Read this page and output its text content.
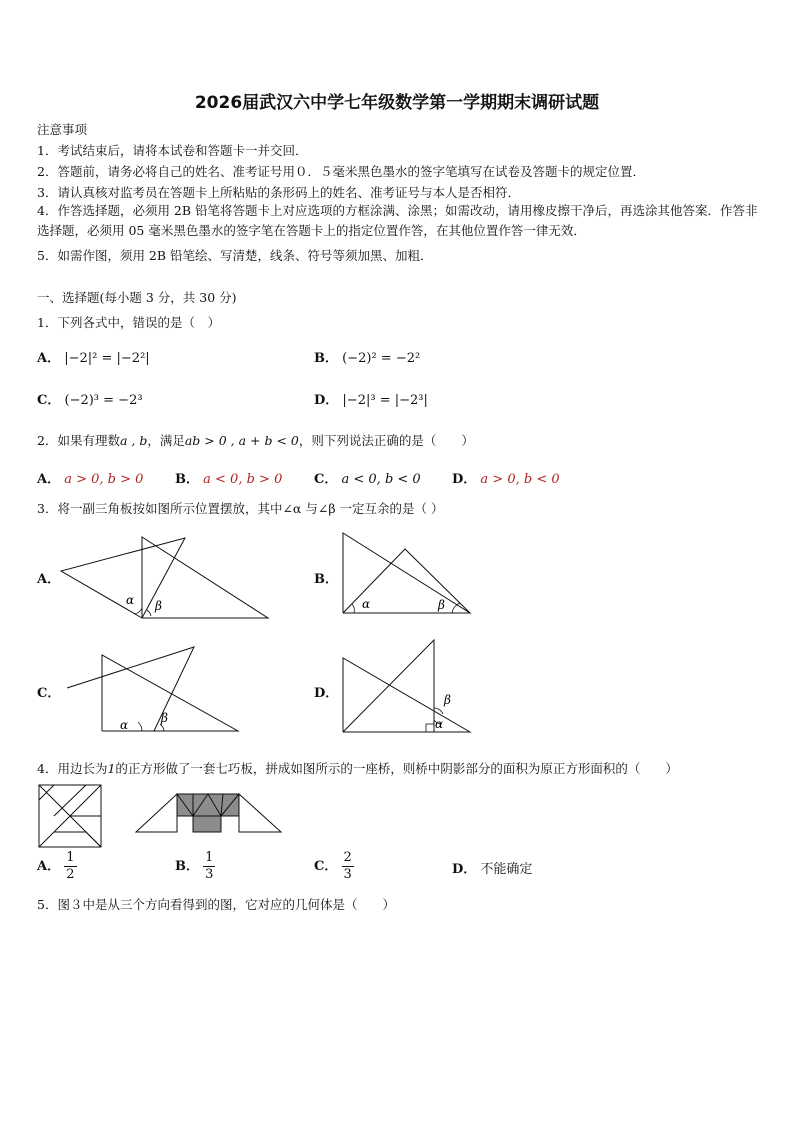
2026届武汉六中学七年级数学第一学期期末调研试题
注意事项
1．考试结束后，请将本试卷和答题卡一并交回．
2．答题前，请务必将自己的姓名、准考证号用０．５毫米黑色墨水的签字笔填写在试卷及答题卡的规定位置．
3．请认真核对监考员在答题卡上所粘贴的条形码上的姓名、准考证号与本人是否相符．
4．作答选择题，必须用 2B 铅笔将答题卡上对应选项的方框涂满、涂黑；如需改动，请用橡皮擦干净后，再选涂其他答案．作答非选择题，必须用 05 毫米黑色墨水的签字笔在答题卡上的指定位置作答，在其他位置作答一律无效．
5．如需作图，须用 2B 铅笔绘、写清楚，线条、符号等须加黑、加粗．
一、选择题(每小题 3 分，共 30 分)
1．下列各式中，错误的是（　）
A． |−2|² = |−2²|	B． (−2)² = −2²
C． (−2)³ = −2³	D． |−2|³ = |−2³|
2．如果有理数a , b，满足ab > 0 , a + b < 0，则下列说法正确的是（　　）
A． a > 0, b > 0 B． a < 0, b > 0 C． a < 0, b < 0 D． a > 0, b < 0
3．将一副三角板按如图所示位置摆放，其中∠α 与∠β 一定互余的是（ ）
A．
α β
B．
α	β
C．
α	β
D．	β
α
4．用边长为1的正方形做了一套七巧板，拼成如图所示的一座桥，则桥中阴影部分的面积为原正方形面积的（　　）
A． $\frac{1}{2}$	B． $\frac{1}{3}$	C． $\frac{2}{3}$	D． 不能确定
5．图３中是从三个方向看得到的图，它对应的几何体是（　　）
